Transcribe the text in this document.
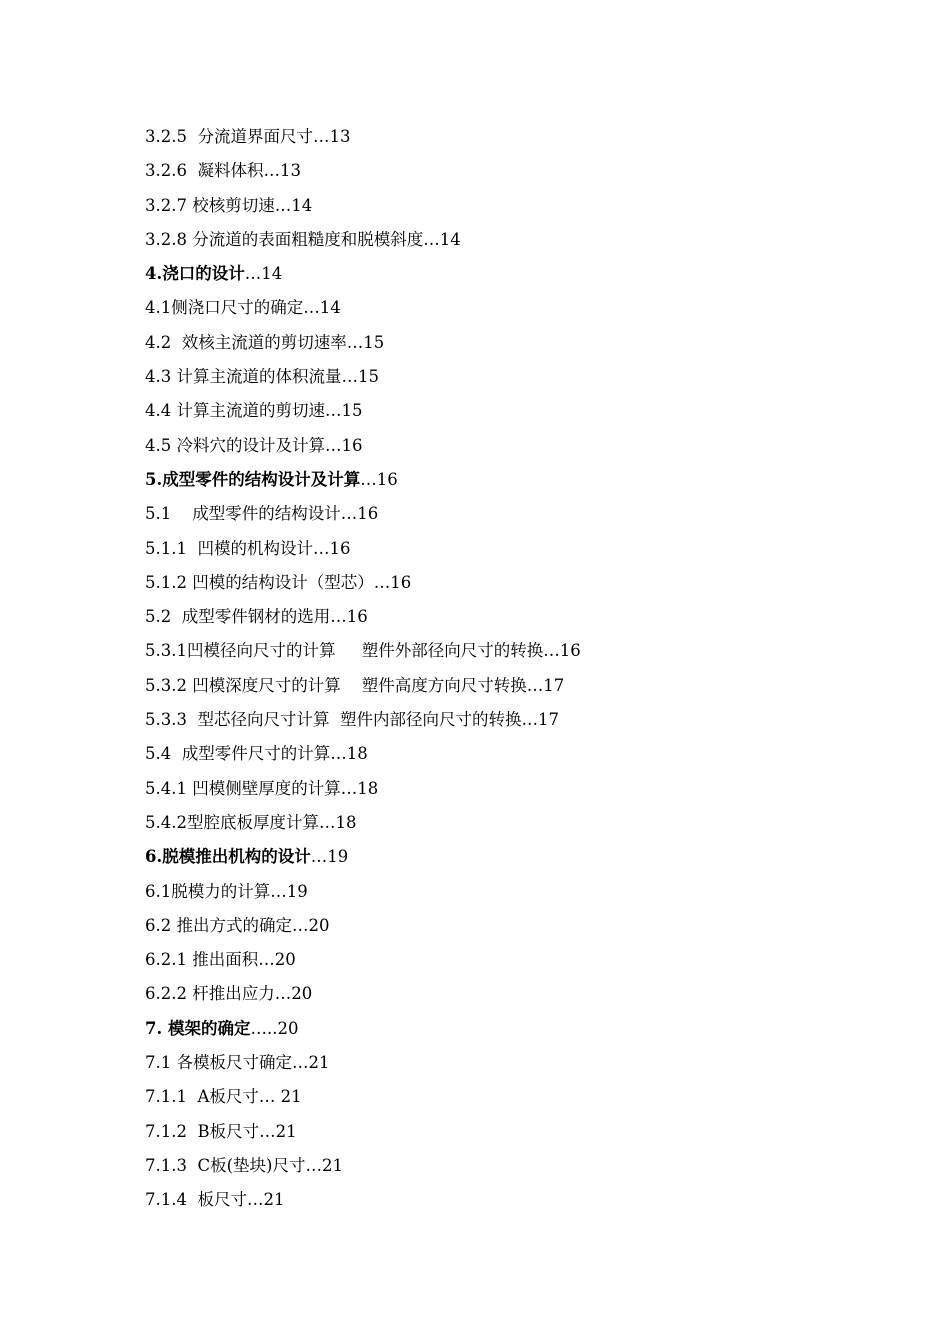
3.2.5  分流道界面尺寸…13
3.2.6  凝料体积…13
3.2.7 校核剪切速…14
3.2.8 分流道的表面粗糙度和脱模斜度…14
4.浇口的设计…14
4.1侧浇口尺寸的确定…14
4.2  效核主流道的剪切速率…15
4.3 计算主流道的体积流量…15
4.4 计算主流道的剪切速…15
4.5 冷料穴的设计及计算…16
5.成型零件的结构设计及计算…16
5.1    成型零件的结构设计…16
5.1.1  凹模的机构设计…16
5.1.2 凹模的结构设计（型芯）…16
5.2  成型零件钢材的选用…16
5.3.1凹模径向尺寸的计算     塑件外部径向尺寸的转换…16
5.3.2 凹模深度尺寸的计算    塑件高度方向尺寸转换…17
5.3.3  型芯径向尺寸计算  塑件内部径向尺寸的转换…17
5.4  成型零件尺寸的计算…18
5.4.1 凹模侧壁厚度的计算…18
5.4.2型腔底板厚度计算…18
6.脱模推出机构的设计…19
6.1脱模力的计算…19
6.2 推出方式的确定…20
6.2.1 推出面积…20
6.2.2 杆推出应力…20
7. 模架的确定…..20
7.1 各模板尺寸确定…21
7.1.1  A板尺寸… 21
7.1.2  B板尺寸…21
7.1.3  C板(垫块)尺寸…21
7.1.4  板尺寸…21
